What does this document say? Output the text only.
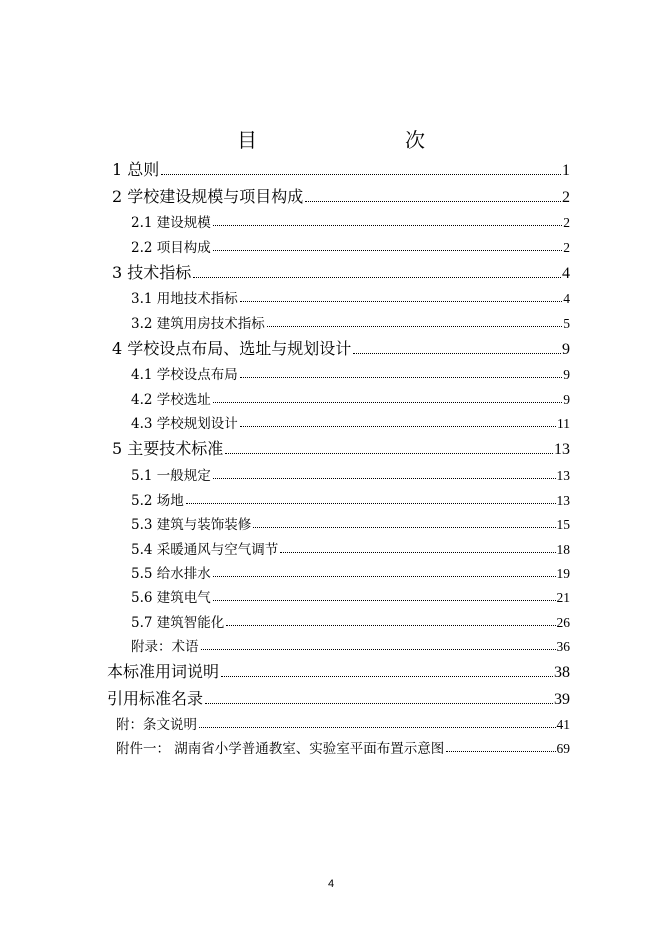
目　　次
1 总则	1
2 学校建设规模与项目构成	2
2.1 建设规模	2
2.2 项目构成	2
3 技术指标	4
3.1 用地技术指标	4
3.2 建筑用房技术指标	5
4 学校设点布局、选址与规划设计	9
4.1 学校设点布局	9
4.2 学校选址	9
4.3 学校规划设计	11
5 主要技术标准	13
5.1 一般规定	13
5.2 场地	13
5.3 建筑与装饰装修	15
5.4 采暖通风与空气调节	18
5.5 给水排水	19
5.6 建筑电气	21
5.7 建筑智能化	26
附录：术语	36
本标准用词说明	38
引用标准名录	39
附：条文说明	41
附件一： 湖南省小学普通教室、实验室平面布置示意图	69
4
